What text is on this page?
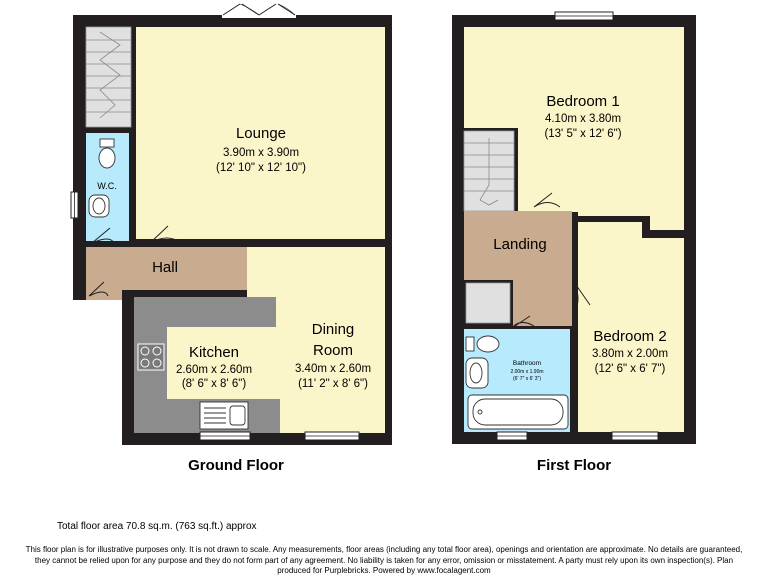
Lounge
3.90m x 3.90m
(12' 10" x 12' 10")
W.C.
Hall
Kitchen
2.60m x 2.60m
(8' 6" x 8' 6")
Dining
Room
3.40m x 2.60m
(11' 2" x 8' 6")
Ground Floor
Bedroom 1
4.10m x 3.80m
(13' 5" x 12' 6")
Landing
Bathroom
2.00m x 1.90m
(6' 7" x 6' 3")
Bedroom 2
3.80m x 2.00m
(12' 6" x 6' 7")
First Floor
Total floor area 70.8 sq.m. (763 sq.ft.) approx
This floor plan is for illustrative purposes only. It is not drawn to scale. Any measurements, floor areas (including any total floor area), openings and orientation are approximate. No details are guaranteed, they cannot be relied upon for any purpose and they do not form part of any agreement. No liability is taken for any error, omission or misstatement. A party must rely upon its own inspection(s). Plan produced for Purplebricks. Powered by www.focalagent.com
